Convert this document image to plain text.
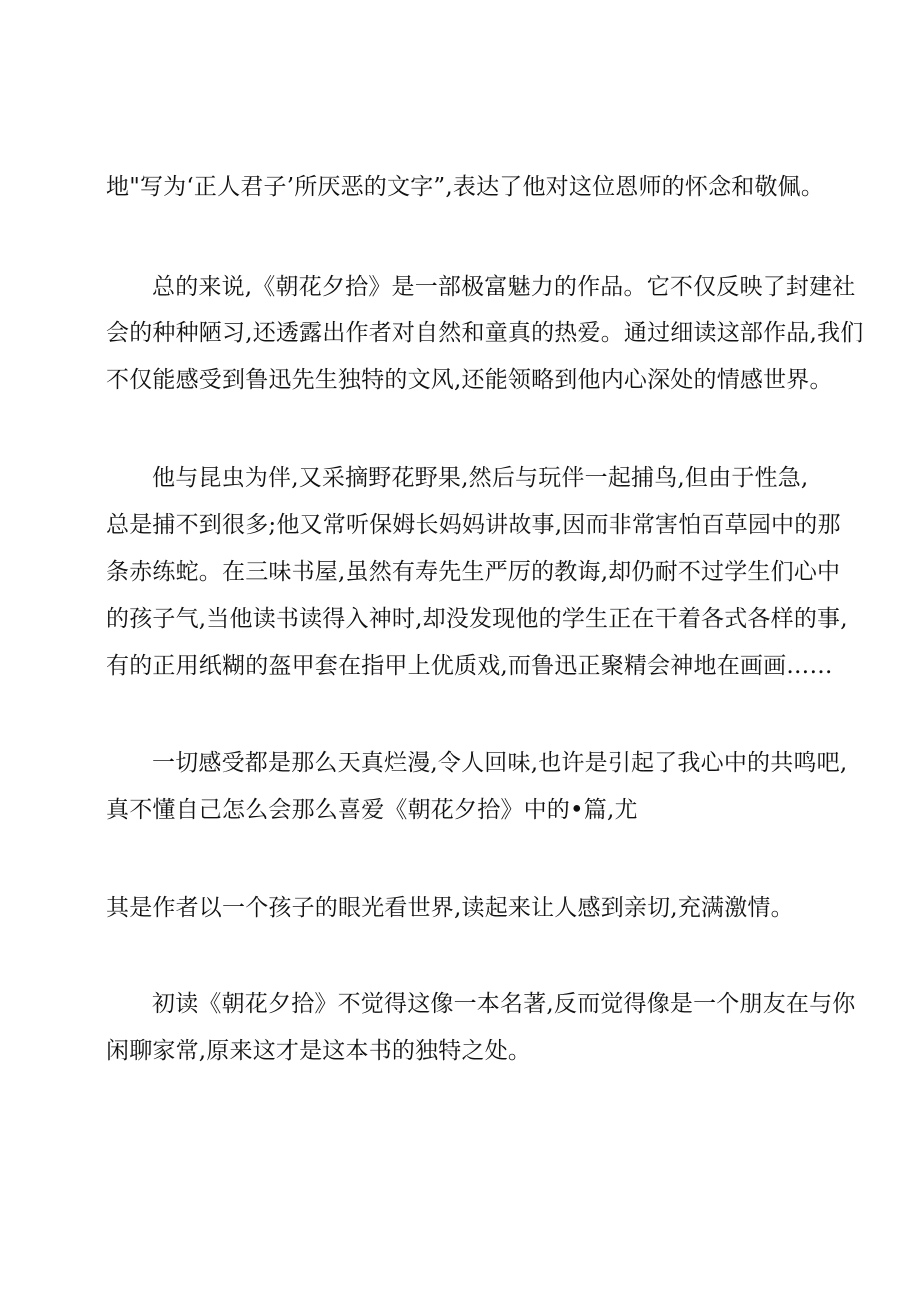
地"写为‘正人君子’所厌恶的文字”,表达了他对这位恩师的怀念和敬佩。
总的来说,《朝花夕拾》是一部极富魅力的作品。它不仅反映了封建社
会的种种陋习,还透露出作者对自然和童真的热爱。通过细读这部作品,我们
不仅能感受到鲁迅先生独特的文风,还能领略到他内心深处的情感世界。
他与昆虫为伴,又采摘野花野果,然后与玩伴一起捕鸟,但由于性急,
总是捕不到很多;他又常听保姆长妈妈讲故事,因而非常害怕百草园中的那
条赤练蛇。在三味书屋,虽然有寿先生严厉的教诲,却仍耐不过学生们心中
的孩子气,当他读书读得入神时,却没发现他的学生正在干着各式各样的事,
有的正用纸糊的盔甲套在指甲上优质戏,而鲁迅正聚精会神地在画画……
一切感受都是那么天真烂漫,令人回味,也许是引起了我心中的共鸣吧,
真不懂自己怎么会那么喜爱《朝花夕拾》中的•篇,尤
其是作者以一个孩子的眼光看世界,读起来让人感到亲切,充满激情。
初读《朝花夕拾》不觉得这像一本名著,反而觉得像是一个朋友在与你
闲聊家常,原来这才是这本书的独特之处。
